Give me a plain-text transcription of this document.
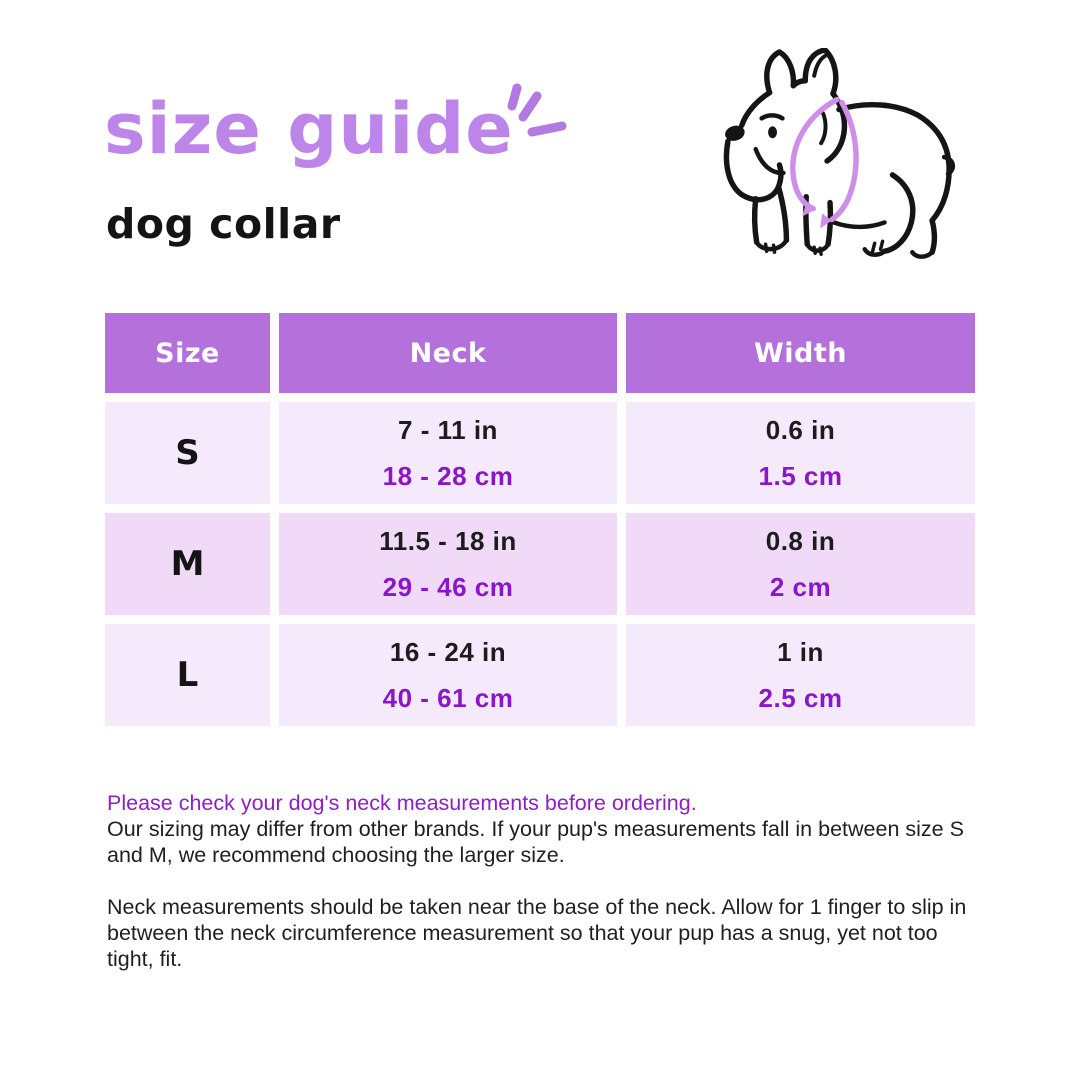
size guide
dog collar
Size	Neck	Width
S
7 - 11 in
18 - 28 cm
0.6 in
1.5 cm
M
11.5 - 18 in
29 - 46 cm
0.8 in
2 cm
L
16 - 24 in
40 - 61 cm
1 in
2.5 cm

Please check your dog's neck measurements before ordering.
Our sizing may differ from other brands. If your pup's measurements fall in between size S and M, we recommend choosing the larger size.

Neck measurements should be taken near the base of the neck. Allow for 1 finger to slip in between the neck circumference measurement so that your pup has a snug, yet not too tight, fit.
